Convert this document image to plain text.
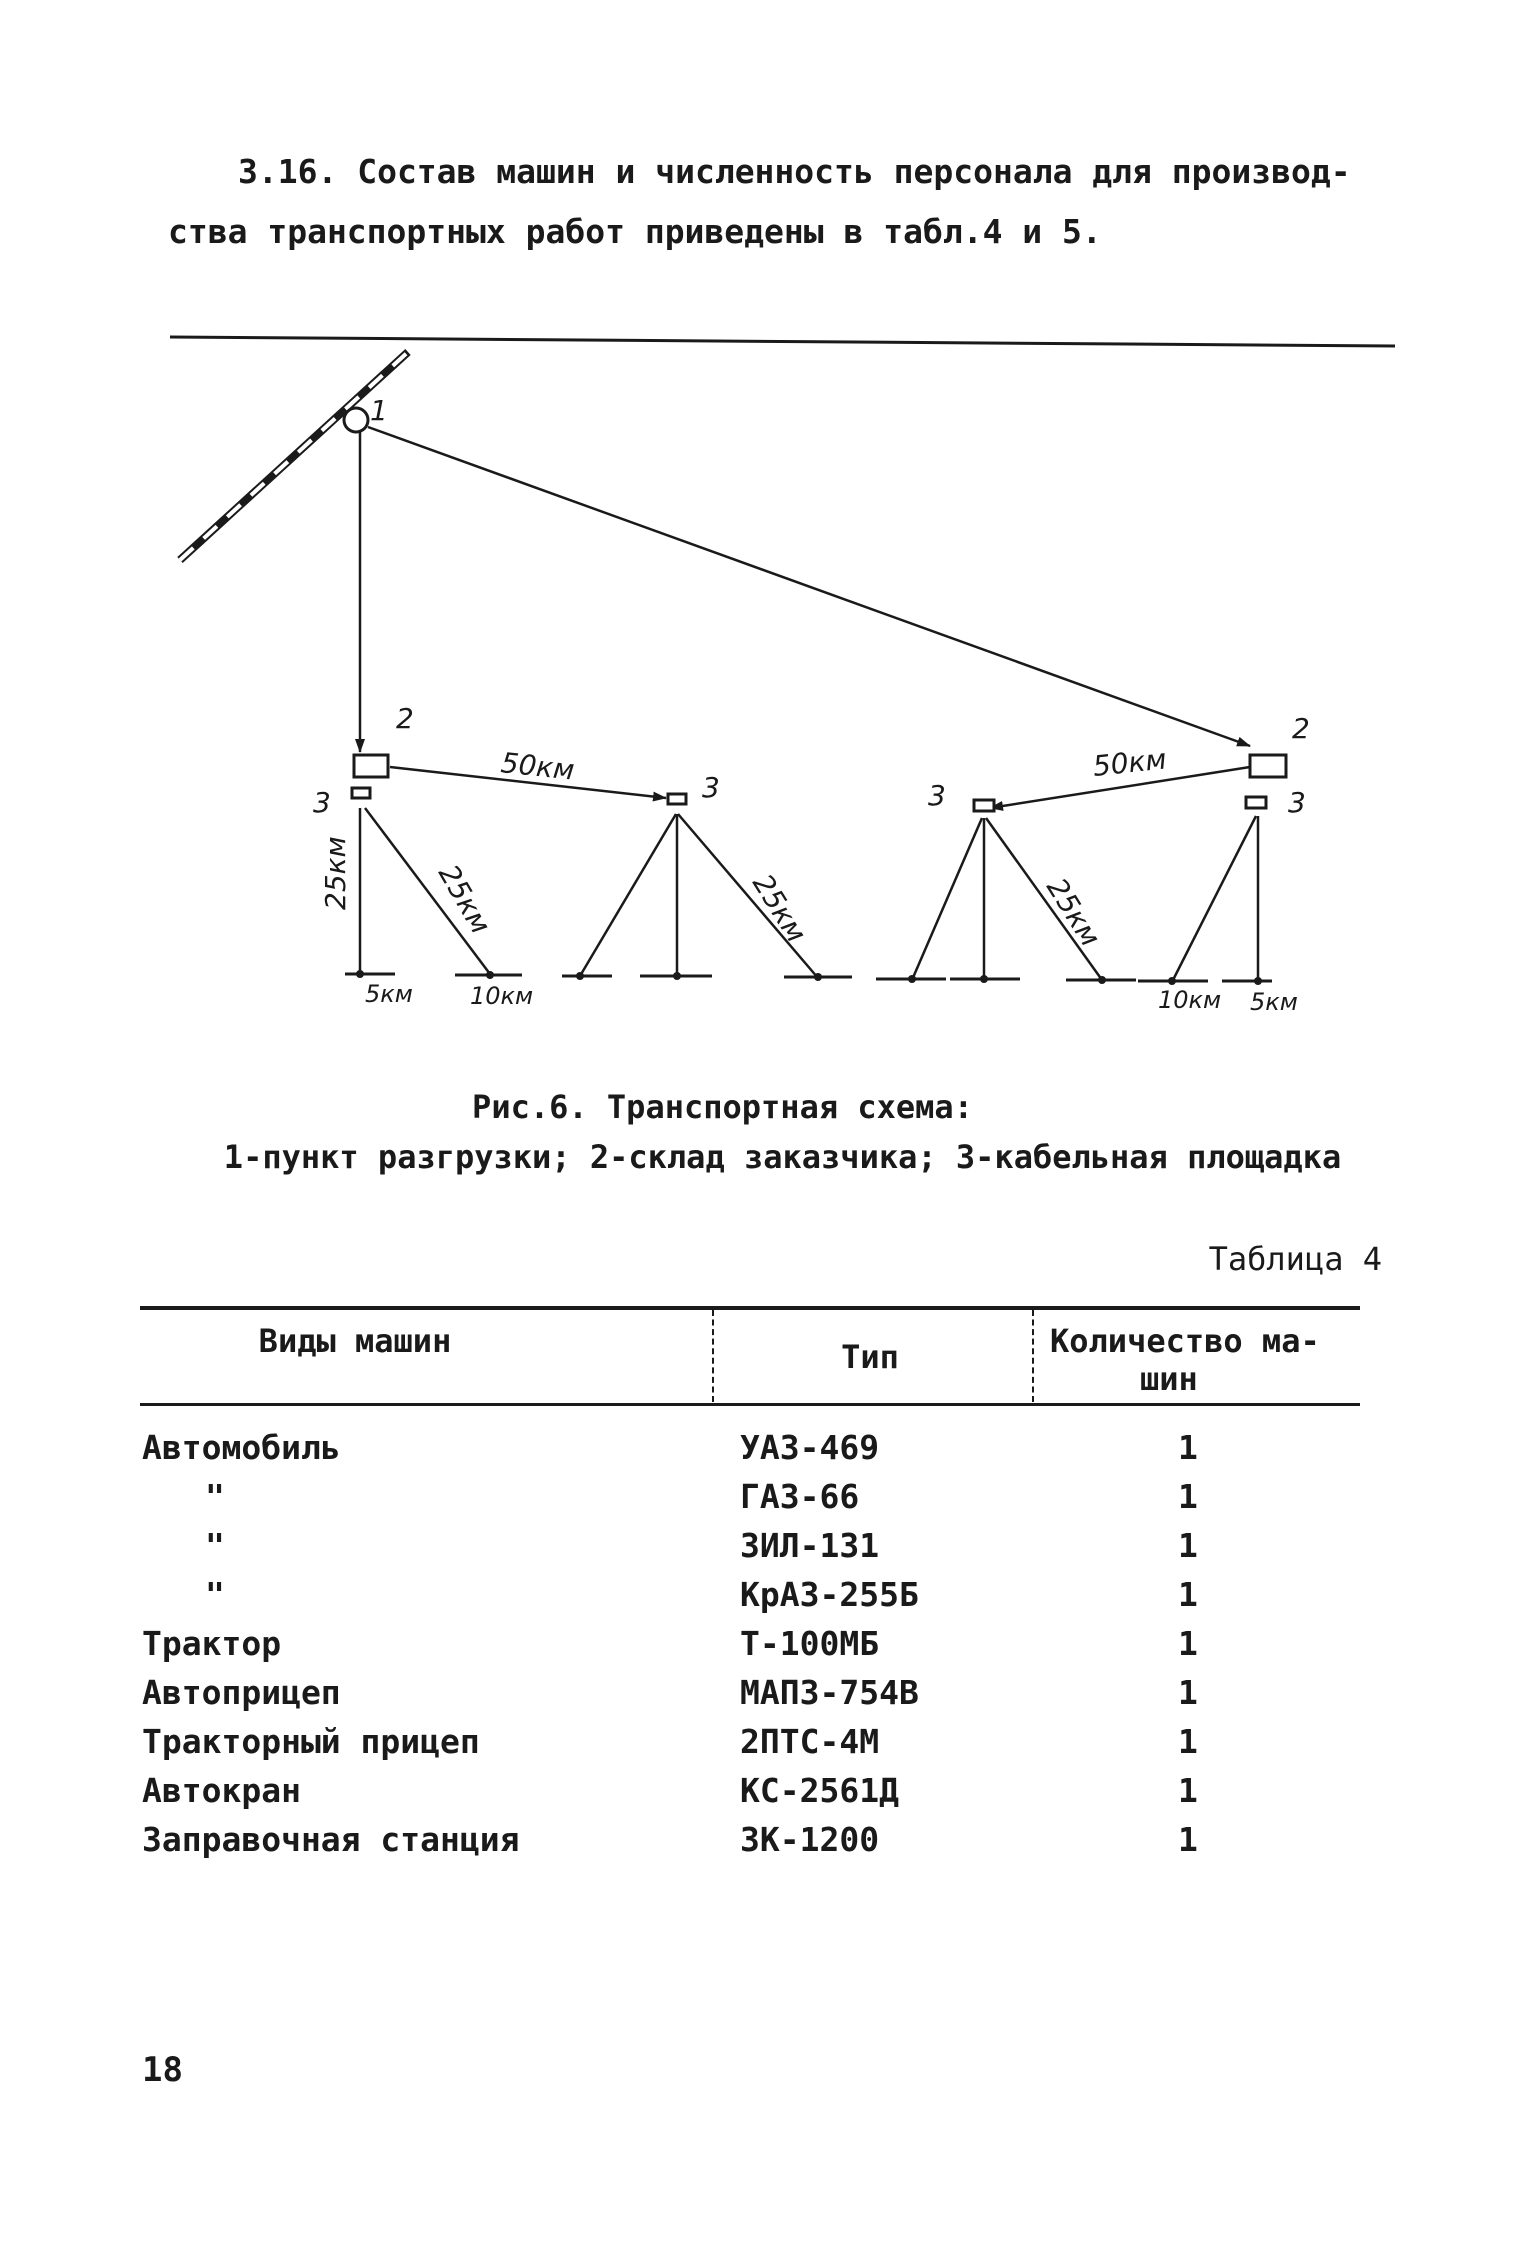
3.16. Состав машин и численность персонала для производ-
ства транспортных работ приведены в табл.4 и 5.
1
2	2
3	3	3	3
50км	50км
25км	25км	25км	25км
5км 10км	10км 5км
Рис.6. Транспортная схема:
1-пункт разгрузки; 2-склад заказчика; 3-кабельная площадка
Таблица 4
Виды машин	Тип	Количество ма-
шин
Автомобиль	УАЗ-469	1
"	ГАЗ-66	1
"	ЗИЛ-131	1
"	КрАЗ-255Б	1
Трактор	Т-100МБ	1
Автоприцеп	МАПЗ-754В	1
Тракторный прицеп	2ПТС-4М	1
Автокран	КС-2561Д	1
Заправочная станция	ЗК-1200	1
18
